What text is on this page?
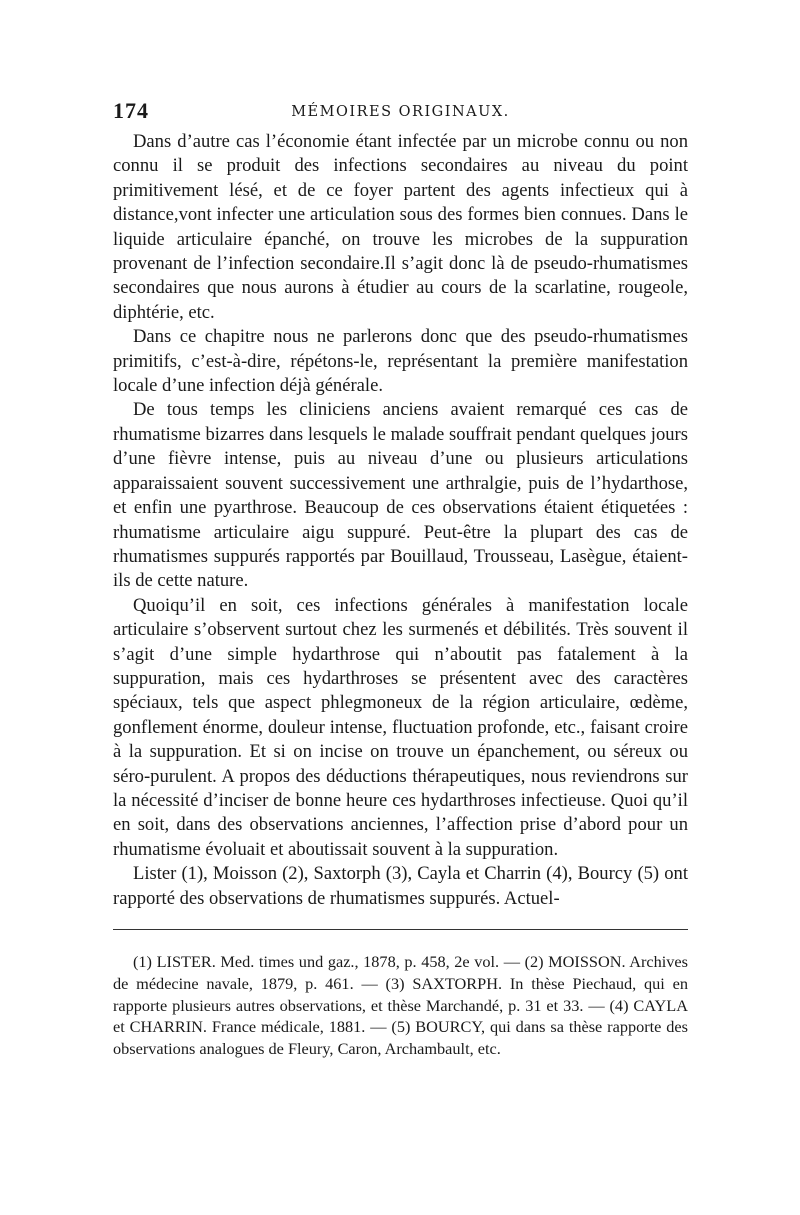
174	MÉMOIRES ORIGINAUX.

Dans d’autre cas l’économie étant infectée par un microbe connu ou non connu il se produit des infections secondaires au niveau du point primitivement lésé, et de ce foyer partent des agents infectieux qui à distance,vont infecter une articulation sous des formes bien connues. Dans le liquide articulaire épanché, on trouve les microbes de la suppuration provenant de l’infection secondaire.Il s’agit donc là de pseudo-rhumatismes secondaires que nous aurons à étudier au cours de la scarlatine, rougeole, diphtérie, etc.

Dans ce chapitre nous ne parlerons donc que des pseudo-rhumatismes primitifs, c’est-à-dire, répétons-le, représentant la première manifestation locale d’une infection déjà générale.

De tous temps les cliniciens anciens avaient remarqué ces cas de rhumatisme bizarres dans lesquels le malade souffrait pendant quelques jours d’une fièvre intense, puis au niveau d’une ou plusieurs articulations apparaissaient souvent successivement une arthralgie, puis de l’hydarthose, et enfin une pyarthrose. Beaucoup de ces observations étaient étiquetées : rhumatisme articulaire aigu suppuré. Peut-être la plupart des cas de rhumatismes suppurés rapportés par Bouillaud, Trousseau, Lasègue, étaient-ils de cette nature.

Quoiqu’il en soit, ces infections générales à manifestation locale articulaire s’observent surtout chez les surmenés et débilités. Très souvent il s’agit d’une simple hydarthrose qui n’aboutit pas fatalement à la suppuration, mais ces hydarthroses se présentent avec des caractères spéciaux, tels que aspect phlegmoneux de la région articulaire, œdème, gonflement énorme, douleur intense, fluctuation profonde, etc., faisant croire à la suppuration. Et si on incise on trouve un épanchement, ou séreux ou séro-purulent. A propos des déductions thérapeutiques, nous reviendrons sur la nécessité d’inciser de bonne heure ces hydarthroses infectieuse. Quoi qu’il en soit, dans des observations anciennes, l’affection prise d’abord pour un rhumatisme évoluait et aboutissait souvent à la suppuration.

Lister (1), Moisson (2), Saxtorph (3), Cayla et Charrin (4), Bourcy (5) ont rapporté des observations de rhumatismes suppurés. Actuel-

(1) LISTER. Med. times und gaz., 1878, p. 458, 2e vol. — (2) MOISSON. Archives de médecine navale, 1879, p. 461. — (3) SAXTORPH. In thèse Piechaud, qui en rapporte plusieurs autres observations, et thèse Marchandé, p. 31 et 33. — (4) CAYLA et CHARRIN. France médicale, 1881. — (5) BOURCY, qui dans sa thèse rapporte des observations analogues de Fleury, Caron, Archambault, etc.
